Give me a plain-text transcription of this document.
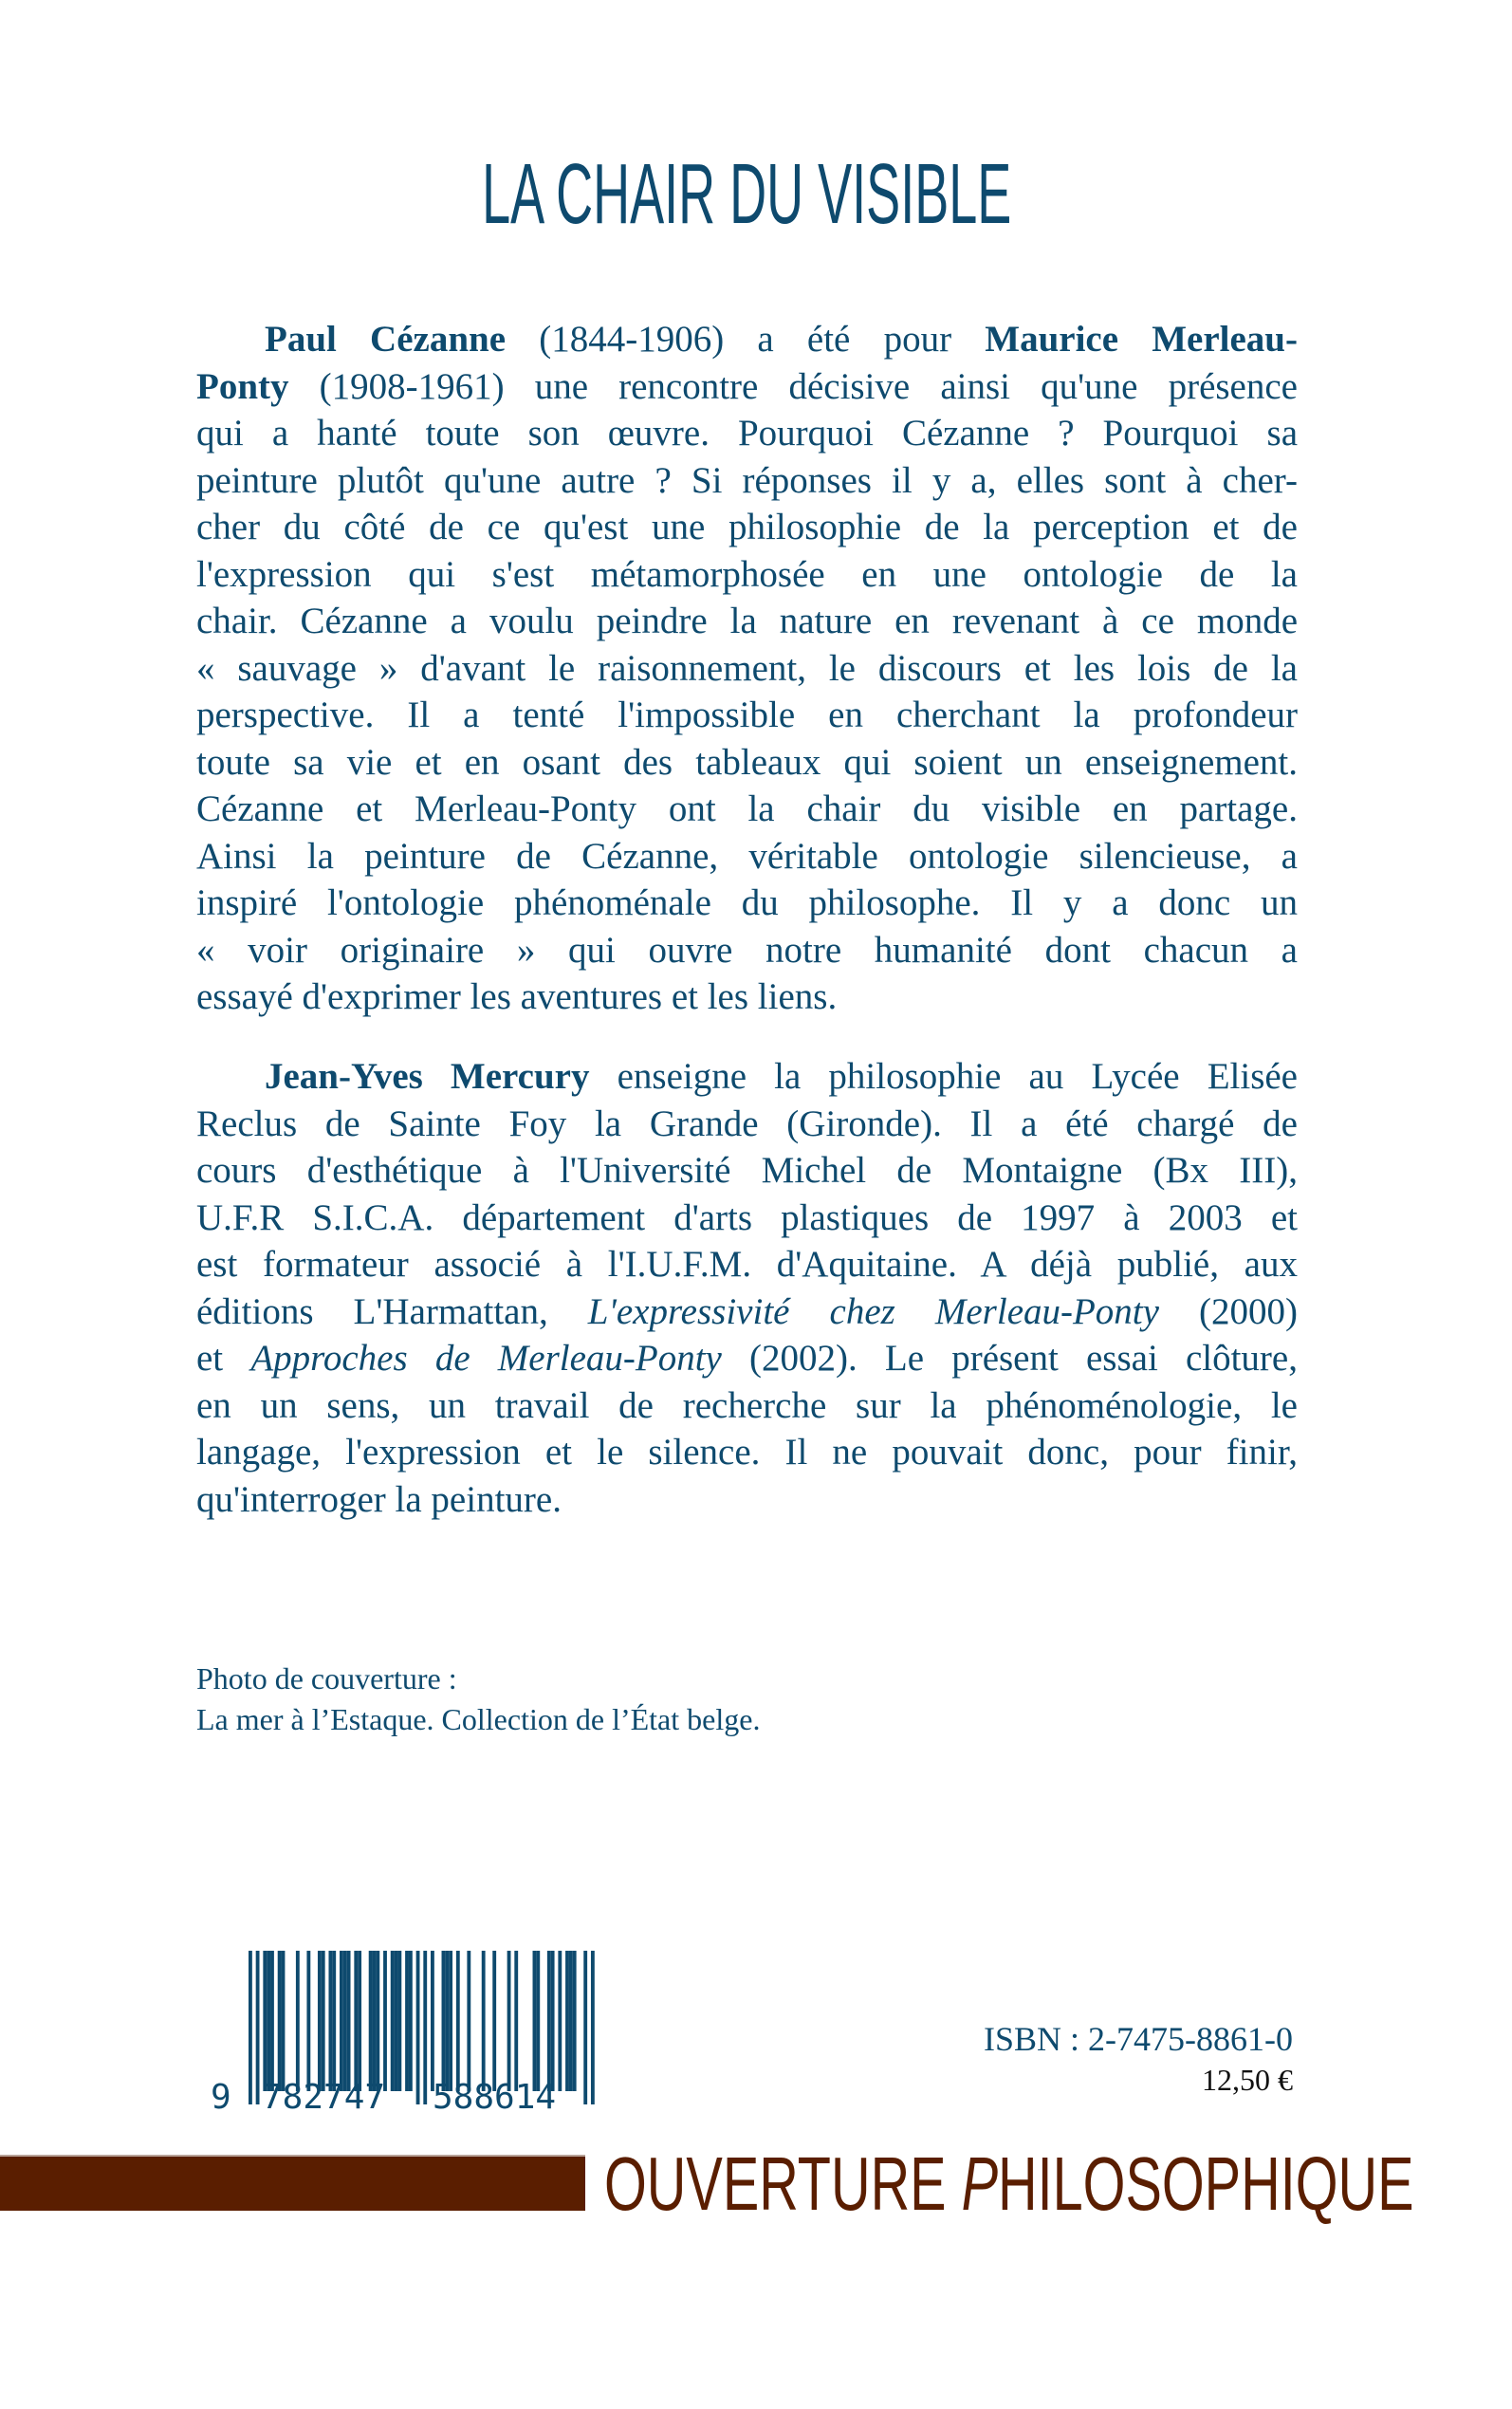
LA CHAIR DU VISIBLE
Paul Cézanne (1844-1906) a été pour Maurice Merleau-
Ponty (1908-1961) une rencontre décisive ainsi qu'une présence
qui a hanté toute son œuvre. Pourquoi Cézanne ? Pourquoi sa
peinture plutôt qu'une autre ? Si réponses il y a, elles sont à cher-
cher du côté de ce qu'est une philosophie de la perception et de
l'expression qui s'est métamorphosée en une ontologie de la
chair. Cézanne a voulu peindre la nature en revenant à ce monde
« sauvage » d'avant le raisonnement, le discours et les lois de la
perspective. Il a tenté l'impossible en cherchant la profondeur
toute sa vie et en osant des tableaux qui soient un enseignement.
Cézanne et Merleau-Ponty ont la chair du visible en partage.
Ainsi la peinture de Cézanne, véritable ontologie silencieuse, a
inspiré l'ontologie phénoménale du philosophe. Il y a donc un
« voir originaire » qui ouvre notre humanité dont chacun a
essayé d'exprimer les aventures et les liens.
Jean-Yves Mercury enseigne la philosophie au Lycée Elisée
Reclus de Sainte Foy la Grande (Gironde). Il a été chargé de
cours d'esthétique à l'Université Michel de Montaigne (Bx III),
U.F.R S.I.C.A. département d'arts plastiques de 1997 à 2003 et
est formateur associé à l'I.U.F.M. d'Aquitaine. A déjà publié, aux
éditions L'Harmattan, L'expressivité chez Merleau-Ponty (2000)
et Approches de Merleau-Ponty (2002). Le présent essai clôture,
en un sens, un travail de recherche sur la phénoménologie, le
langage, l'expression et le silence. Il ne pouvait donc, pour finir,
qu'interroger la peinture.
Photo de couverture :
La mer à l’Estaque. Collection de l’État belge.
9 782747 588614
ISBN : 2-7475-8861-0
12,50 €
OUVERTURE PHILOSOPHIQUE
